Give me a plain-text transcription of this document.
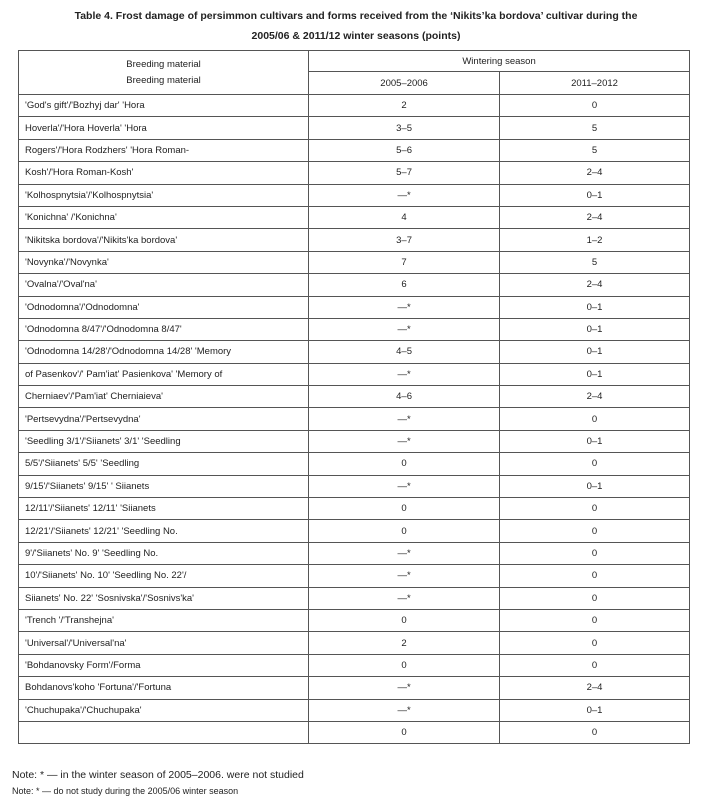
Table 4. Frost damage of persimmon cultivars and forms received from the ‘Nikits’ka bordova’ cultivar during the
2005/06 & 2011/12 winter seasons (points)
Breeding material
Breeding material	Wintering season	
	2005–2006	2011–2012
'God's gift'/'Bozhyj dar' 'Hora	2	0
Hoverla'/'Hora Hoverla' 'Hora	3–5	5
Rogers'/'Hora Rodzhers' 'Hora Roman-	5–6	5
Kosh'/'Hora Roman-Kosh'	5–7	2–4
'Kolhospnytsia'/'Kolhospnytsia'	—*	0–1
'Konichna' /'Konichna'	4	2–4
'Nikitska bordova'/'Nikits'ka bordova'	3–7	1–2
'Novynka'/'Novynka'	7	5
'Ovalna'/'Oval'na'	6	2–4
'Odnodomna'/'Odnodomna'	—*	0–1
'Odnodomna 8/47'/'Odnodomna 8/47'	—*	0–1
'Odnodomna 14/28'/'Odnodomna 14/28' 'Memory	4–5	0–1
of Pasenkov'/' Pam'iat' Pasienkova' 'Memory of	—*	0–1
Cherniaev'/'Pam'iat' Cherniaieva'	4–6	2–4
'Pertsevydna'/'Pertsevydna'	—*	0
'Seedling 3/1'/'Siianets' 3/1' 'Seedling	—*	0–1
5/5'/'Siianets' 5/5' 'Seedling	0	0
9/15'/'Siianets' 9/15' ' Siianets	—*	0–1
12/11'/'Siianets' 12/11' 'Siianets	0	0
12/21'/'Siianets' 12/21' 'Seedling No.	0	0
9'/'Siianets' No. 9' 'Seedling No.	—*	0
10'/'Siianets' No. 10' 'Seedling No. 22'/	—*	0
Siianets' No. 22' 'Sosnivska'/'Sosnivs'ka'	—*	0
'Trench '/'Transhejna'	0	0
'Universal'/'Universal'na'	2	0
'Bohdanovsky Form'/Forma	0	0
Bohdanovs'koho 'Fortuna'/'Fortuna	—*	2–4
'Chuchupaka'/'Chuchupaka'	—*	0–1
	0	0
Note: * — in the winter season of 2005–2006. were not studied
Note: * — do not study during the 2005/06 winter season
